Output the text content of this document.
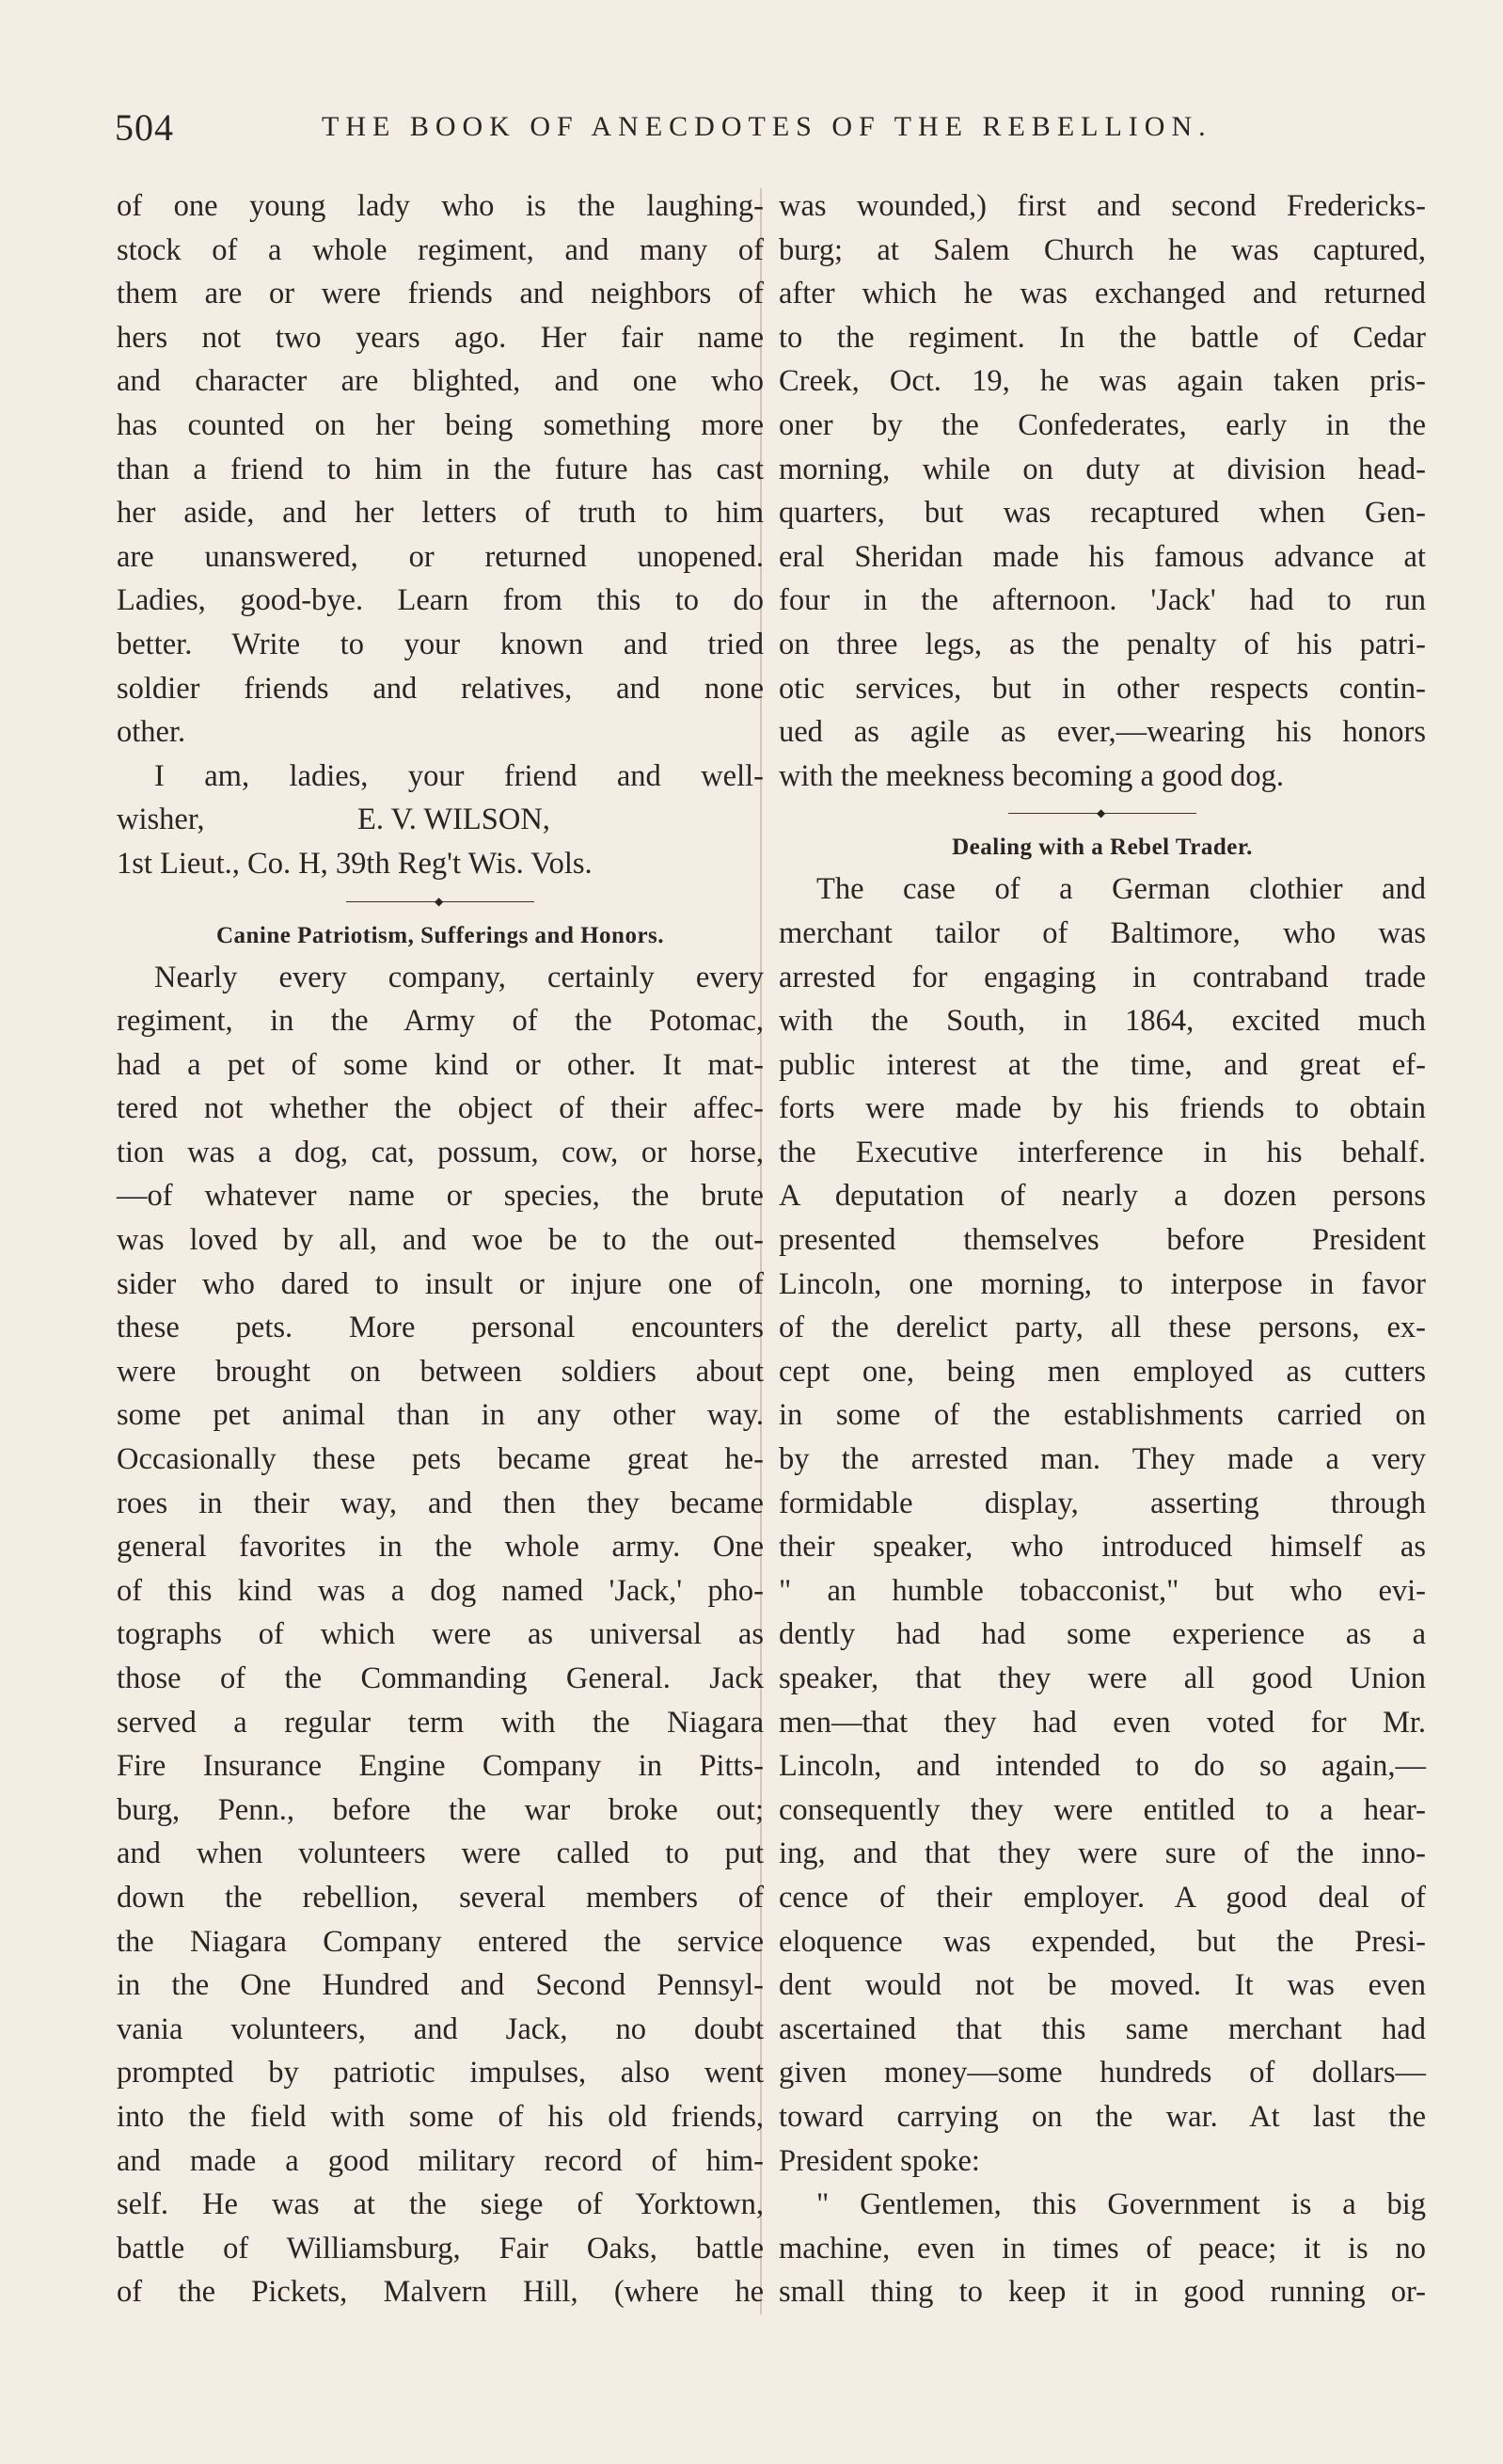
504	THE BOOK OF ANECDOTES OF THE REBELLION.
of one young lady who is the laughing-
stock of a whole regiment, and many of
them are or were friends and neighbors of
hers not two years ago. Her fair name
and character are blighted, and one who
has counted on her being something more
than a friend to him in the future has cast
her aside, and her letters of truth to him
are unanswered, or returned unopened.
Ladies, good-bye. Learn from this to do
better. Write to your known and tried
soldier friends and relatives, and none
other.
I am, ladies, your friend and well-
wisher,                    E. V. WILSON,
1st Lieut., Co. H, 39th Reg't Wis. Vols.
◆
Canine Patriotism, Sufferings and Honors.
Nearly every company, certainly every
regiment, in the Army of the Potomac,
had a pet of some kind or other. It mat-
tered not whether the object of their affec-
tion was a dog, cat, possum, cow, or horse,
—of whatever name or species, the brute
was loved by all, and woe be to the out-
sider who dared to insult or injure one of
these pets. More personal encounters
were brought on between soldiers about
some pet animal than in any other way.
Occasionally these pets became great he-
roes in their way, and then they became
general favorites in the whole army. One
of this kind was a dog named 'Jack,' pho-
tographs of which were as universal as
those of the Commanding General. Jack
served a regular term with the Niagara
Fire Insurance Engine Company in Pitts-
burg, Penn., before the war broke out;
and when volunteers were called to put
down the rebellion, several members of
the Niagara Company entered the service
in the One Hundred and Second Pennsyl-
vania volunteers, and Jack, no doubt
prompted by patriotic impulses, also went
into the field with some of his old friends,
and made a good military record of him-
self. He was at the siege of Yorktown,
battle of Williamsburg, Fair Oaks, battle
of the Pickets, Malvern Hill, (where he
was wounded,) first and second Fredericks-
burg; at Salem Church he was captured,
after which he was exchanged and returned
to the regiment. In the battle of Cedar
Creek, Oct. 19, he was again taken pris-
oner by the Confederates, early in the
morning, while on duty at division head-
quarters, but was recaptured when Gen-
eral Sheridan made his famous advance at
four in the afternoon. 'Jack' had to run
on three legs, as the penalty of his patri-
otic services, but in other respects contin-
ued as agile as ever,—wearing his honors
with the meekness becoming a good dog.
◆
Dealing with a Rebel Trader.
The case of a German clothier and
merchant tailor of Baltimore, who was
arrested for engaging in contraband trade
with the South, in 1864, excited much
public interest at the time, and great ef-
forts were made by his friends to obtain
the Executive interference in his behalf.
A deputation of nearly a dozen persons
presented themselves before President
Lincoln, one morning, to interpose in favor
of the derelict party, all these persons, ex-
cept one, being men employed as cutters
in some of the establishments carried on
by the arrested man. They made a very
formidable display, asserting through
their speaker, who introduced himself as
" an humble tobacconist," but who evi-
dently had had some experience as a
speaker, that they were all good Union
men—that they had even voted for Mr.
Lincoln, and intended to do so again,—
consequently they were entitled to a hear-
ing, and that they were sure of the inno-
cence of their employer. A good deal of
eloquence was expended, but the Presi-
dent would not be moved. It was even
ascertained that this same merchant had
given money—some hundreds of dollars—
toward carrying on the war. At last the
President spoke:
" Gentlemen, this Government is a big
machine, even in times of peace; it is no
small thing to keep it in good running or-
